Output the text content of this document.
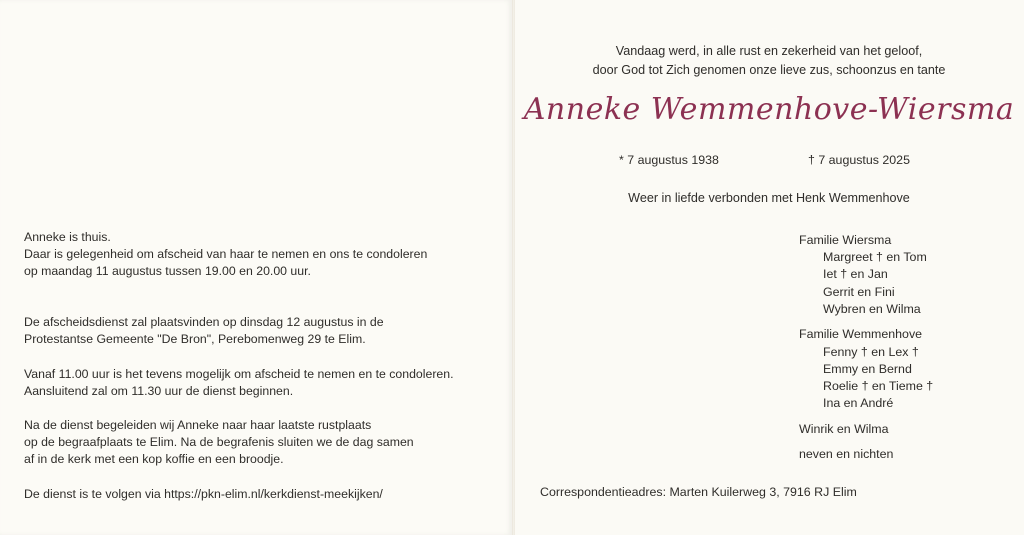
Anneke is thuis.
Daar is gelegenheid om afscheid van haar te nemen en ons te condoleren
op maandag 11 augustus tussen 19.00 en 20.00 uur.

De afscheidsdienst zal plaatsvinden op dinsdag 12 augustus in de
Protestantse Gemeente "De Bron", Perebomenweg 29 te Elim.

Vanaf 11.00 uur is het tevens mogelijk om afscheid te nemen en te condoleren.
Aansluitend zal om 11.30 uur de dienst beginnen.

Na de dienst begeleiden wij Anneke naar haar laatste rustplaats
op de begraafplaats te Elim. Na de begrafenis sluiten we de dag samen
af in de kerk met een kop koffie en een broodje.

De dienst is te volgen via https://pkn-elim.nl/kerkdienst-meekijken/

Vandaag werd, in alle rust en zekerheid van het geloof,
door God tot Zich genomen onze lieve zus, schoonzus en tante

Anneke Wemmenhove-Wiersma

* 7 augustus 1938	† 7 augustus 2025

Weer in liefde verbonden met Henk Wemmenhove

Familie Wiersma

Margreet † en Tom

Iet † en Jan

Gerrit en Fini

Wybren en Wilma

Familie Wemmenhove

Fenny † en Lex †

Emmy en Bernd

Roelie † en Tieme †

Ina en André

Winrik en Wilma

neven en nichten

Correspondentieadres: Marten Kuilerweg 3, 7916 RJ Elim
